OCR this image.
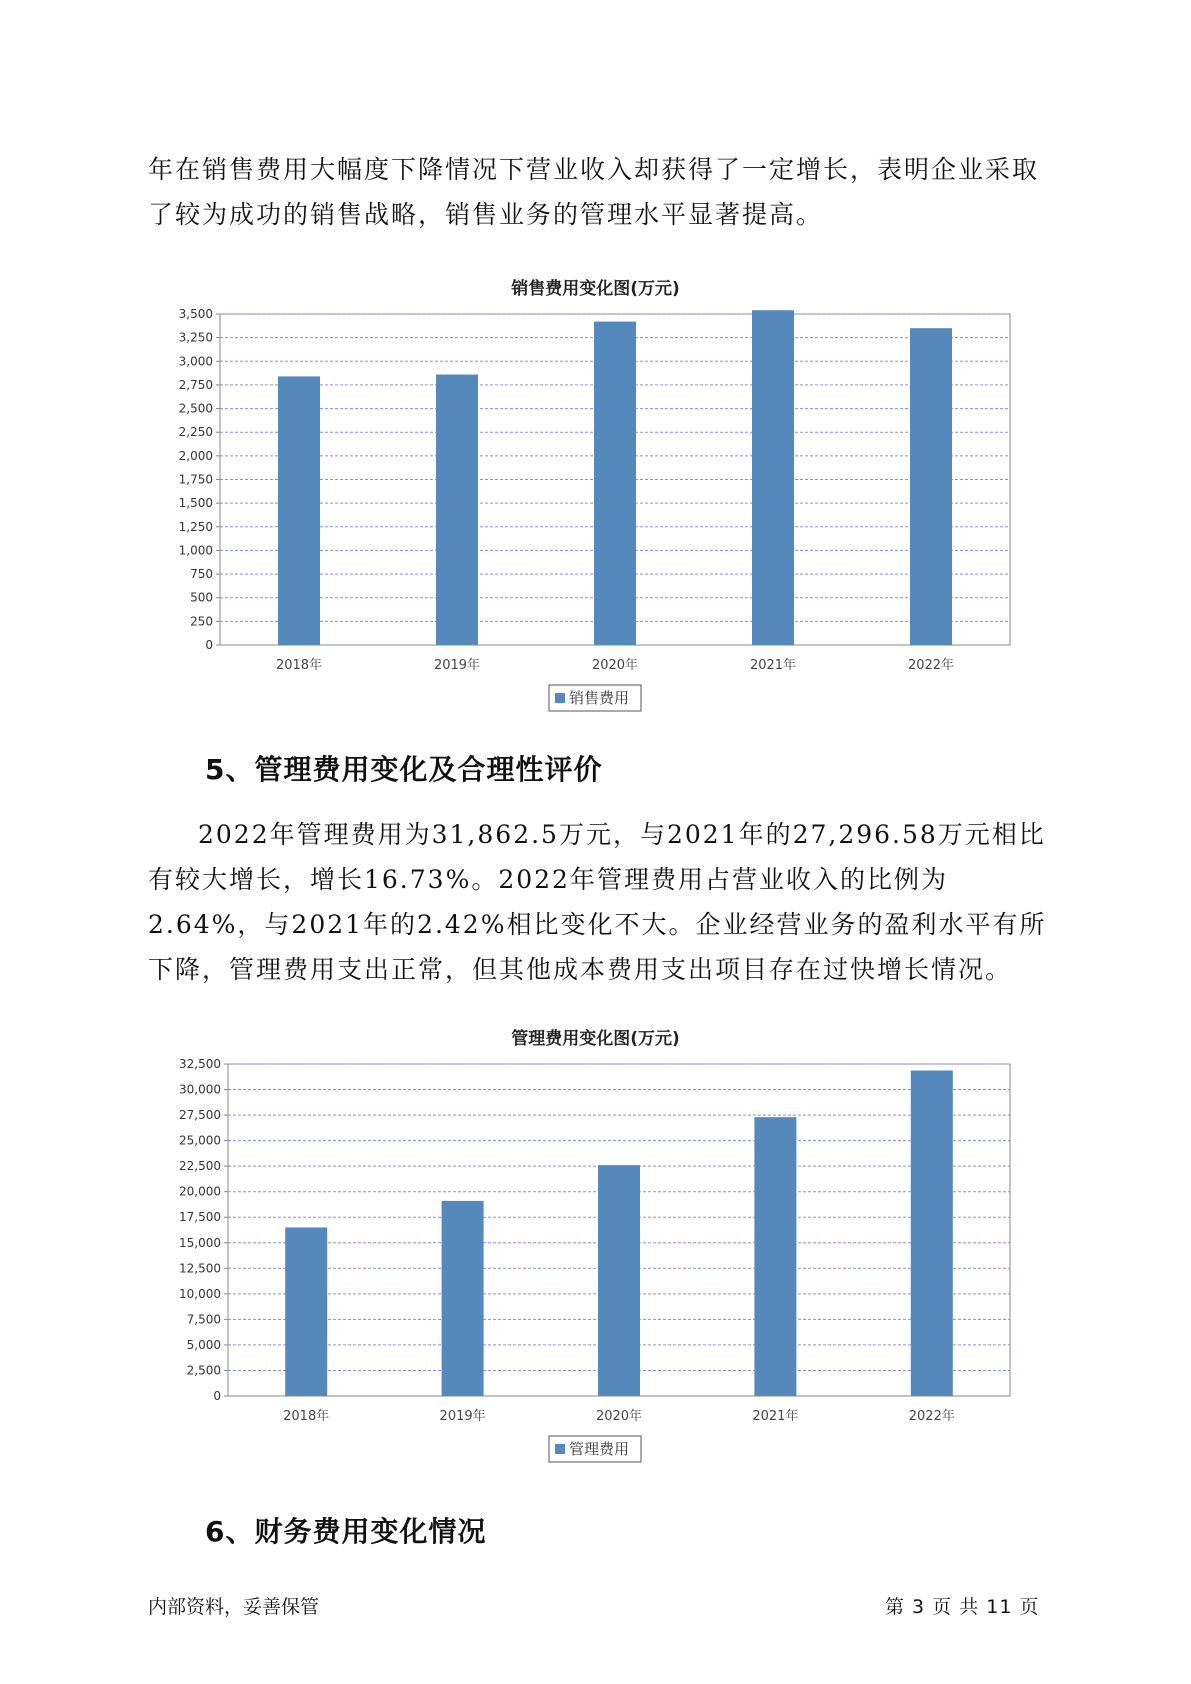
年在销售费用大幅度下降情况下营业收入却获得了一定增长，表明企业采取了较为成功的销售战略，销售业务的管理水平显著提高。

销售费用变化图(万元)
0
250
500
750
1,000
1,250
1,500
1,750
2,000
2,250
2,500
2,750
3,000
3,250
3,500
2018年	2019年	2020年	2021年	2022年
销售费用
5、管理费用变化及合理性评价

2022年管理费用为31,862.5万元，与2021年的27,296.58万元相比有较大增长，增长16.73%。2022年管理费用占营业收入的比例为2.64%，与2021年的2.42%相比变化不大。企业经营业务的盈利水平有所下降，管理费用支出正常，但其他成本费用支出项目存在过快增长情况。

管理费用变化图(万元)
0
2,500
5,000
7,500
10,000
12,500
15,000
17,500
20,000
22,500
25,000
27,500
30,000
32,500
2018年	2019年	2020年	2021年	2022年
管理费用
6、财务费用变化情况
内部资料，妥善保管	第 3 页 共 11 页
